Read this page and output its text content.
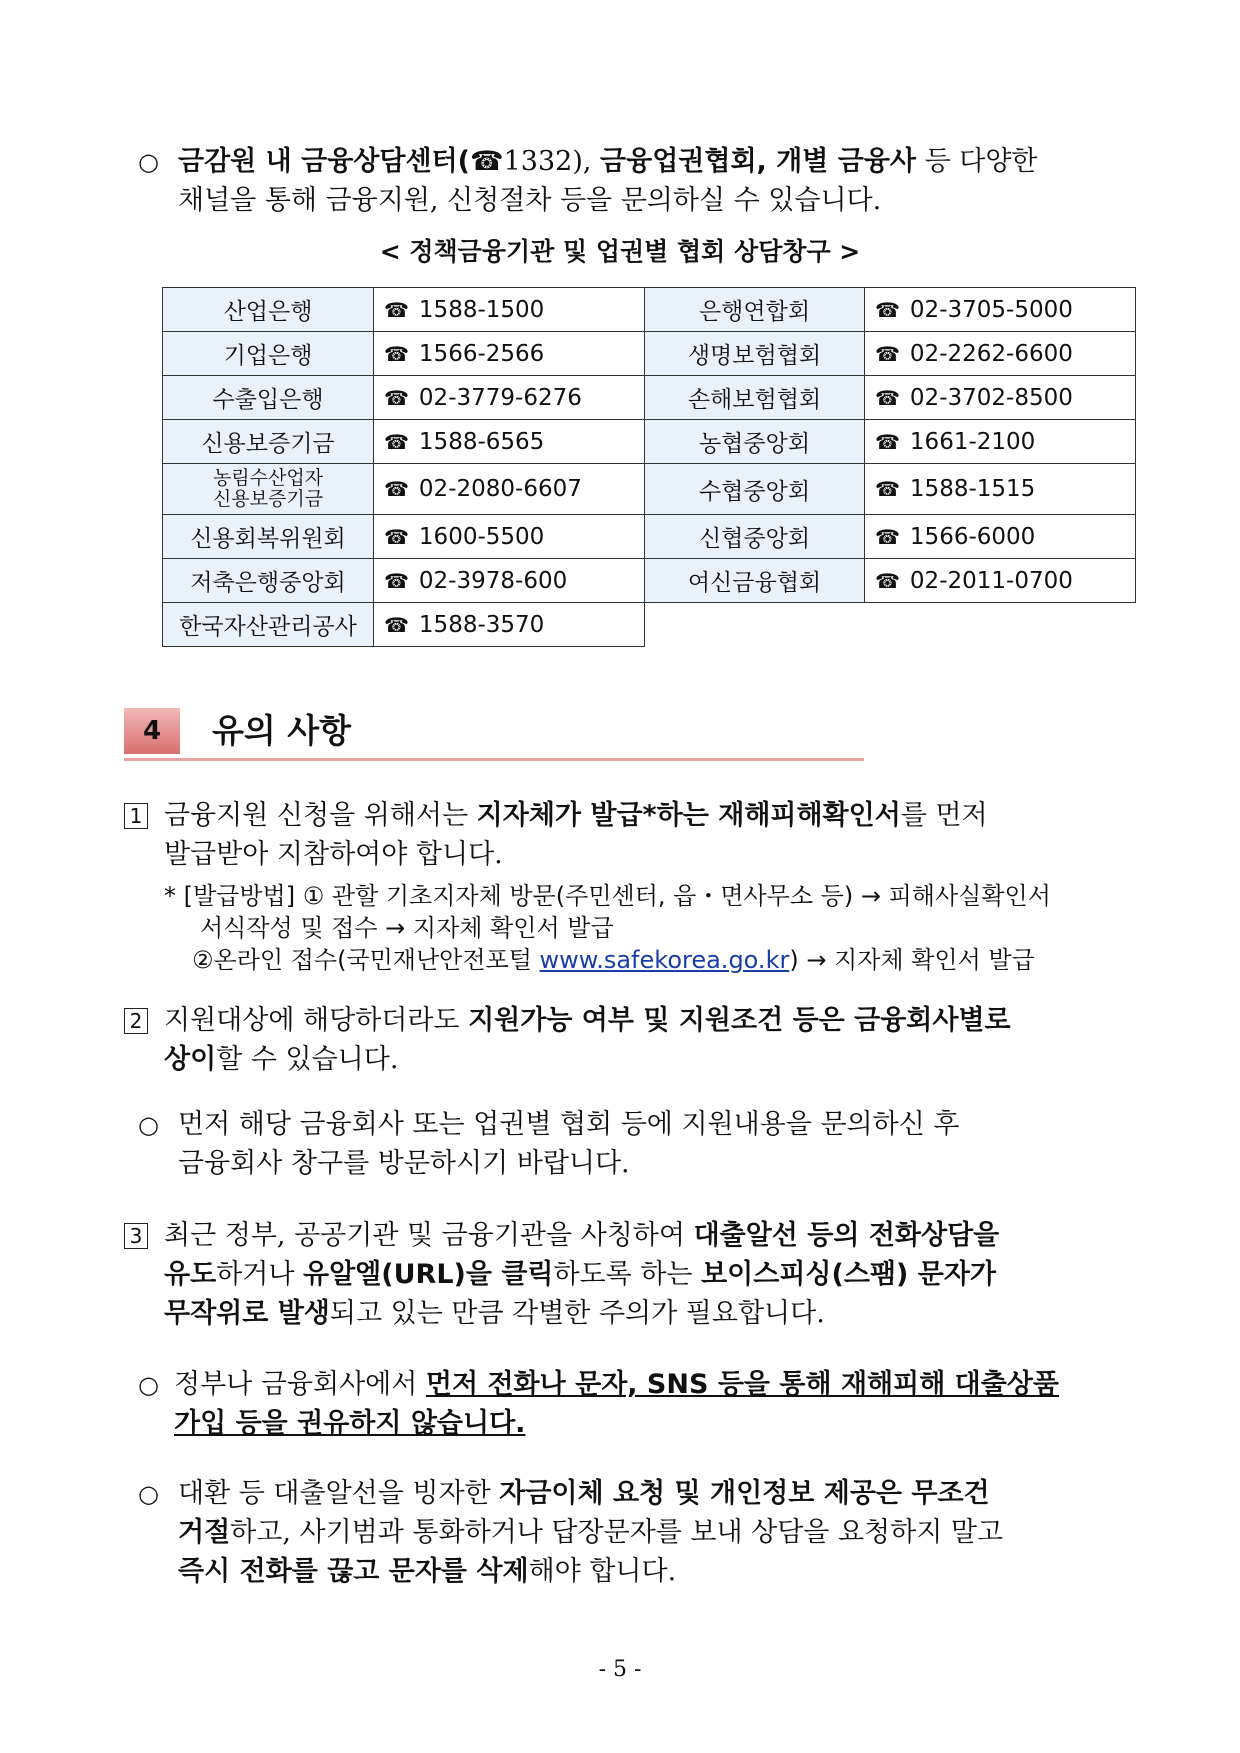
○ 금감원 내 금융상담센터(☎1332), 금융업권협회, 개별 금융사 등 다양한
채널을 통해 금융지원, 신청절차 등을 문의하실 수 있습니다.

< 정책금융기관 및 업권별 협회 상담창구 >
산업은행	☎ 1588-1500	은행연합회	☎ 02-3705-5000
기업은행	☎ 1566-2566	생명보험협회	☎ 02-2262-6600
수출입은행	☎ 02-3779-6276	손해보험협회	☎ 02-3702-8500
신용보증기금	☎ 1588-6565	농협중앙회	☎ 1661-2100
농림수산업자
신용보증기금	☎ 02-2080-6607	수협중앙회	☎ 1588-1515
신용회복위원회	☎ 1600-5500	신협중앙회	☎ 1566-6000
저축은행중앙회	☎ 02-3978-600	여신금융협회	☎ 02-2011-0700
한국자산관리공사	☎ 1588-3570		
4	유의 사항
1 금융지원 신청을 위해서는 지자체가 발급*하는 재해피해확인서를 먼저
발급받아 지참하여야 합니다.

* [발급방법] ① 관할 기초지자체 방문(주민센터, 읍・면사무소 등) → 피해사실확인서
서식작성 및 접수 → 지자체 확인서 발급
②온라인 접수(국민재난안전포털 www.safekorea.go.kr) → 지자체 확인서 발급
2 지원대상에 해당하더라도 지원가능 여부 및 지원조건 등은 금융회사별로
상이할 수 있습니다.

○ 먼저 해당 금융회사 또는 업권별 협회 등에 지원내용을 문의하신 후
금융회사 창구를 방문하시기 바랍니다.

3 최근 정부, 공공기관 및 금융기관을 사칭하여 대출알선 등의 전화상담을
유도하거나 유알엘(URL)을 클릭하도록 하는 보이스피싱(스팸) 문자가
무작위로 발생되고 있는 만큼 각별한 주의가 필요합니다.

○ 정부나 금융회사에서 먼저 전화나 문자, SNS 등을 통해 재해피해 대출상품
가입 등을 권유하지 않습니다.

○ 대환 등 대출알선을 빙자한 자금이체 요청 및 개인정보 제공은 무조건
거절하고, 사기범과 통화하거나 답장문자를 보내 상담을 요청하지 말고
즉시 전화를 끊고 문자를 삭제해야 합니다.

- 5 -
